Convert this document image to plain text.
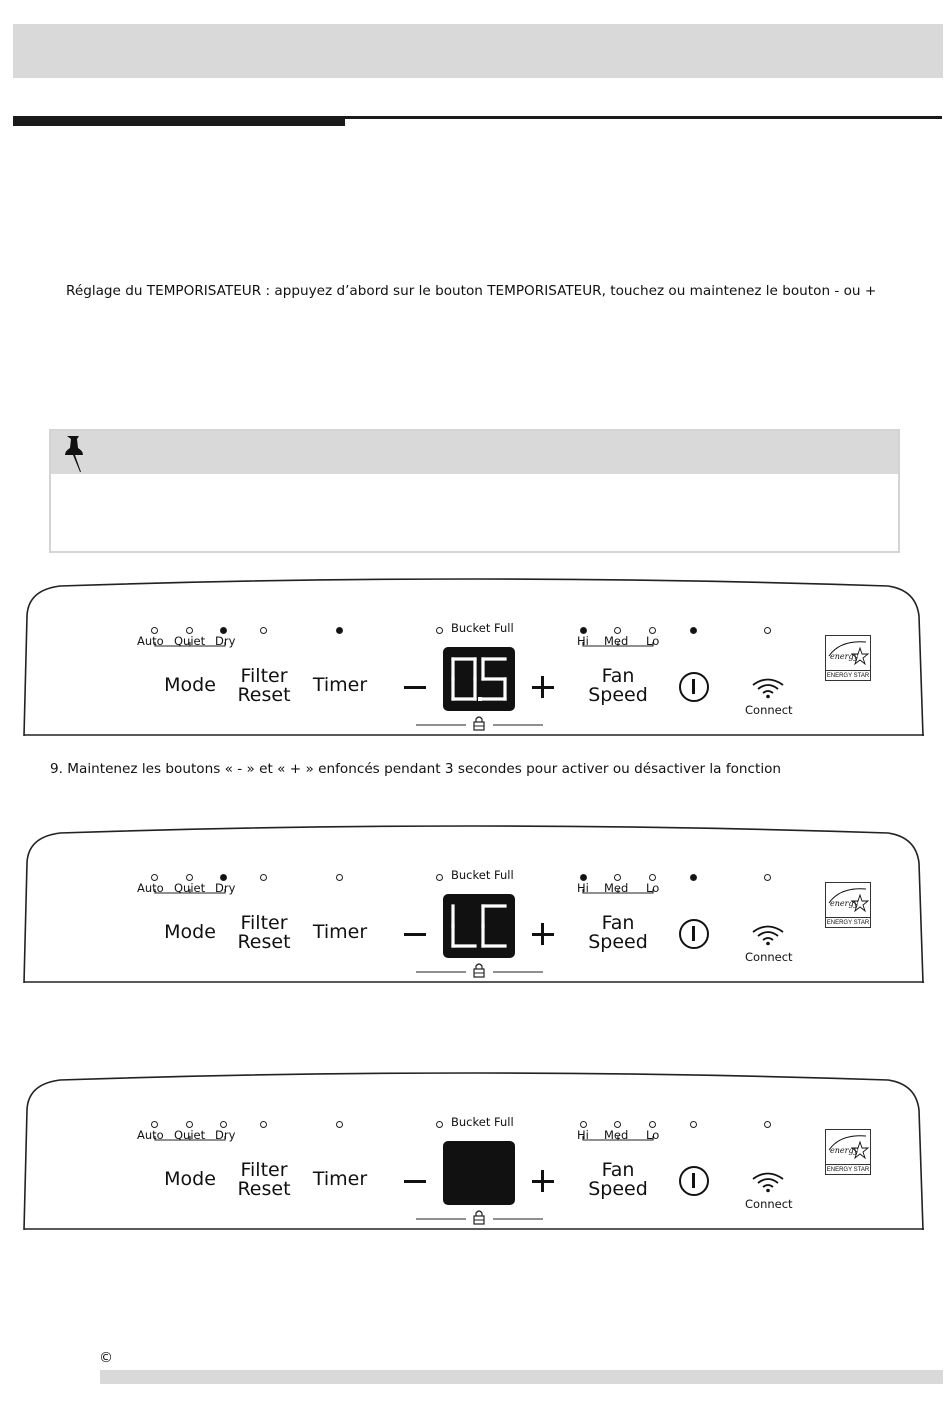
Réglage du TEMPORISATEUR : appuyez d’abord sur le bouton TEMPORISATEUR, touchez ou maintenez le bouton - ou +
Auto Quiet Dry
Bucket Full
Hi Med Lo
Mode	Filter
Reset Timer	Fan
Speed
Connect
energy
ENERGY STAR
Auto Quiet Dry
Bucket Full
Hi Med Lo
Mode	Filter
Reset Timer	Fan
Speed
Connect
energy
ENERGY STAR
Auto Quiet Dry
Bucket Full
Hi Med Lo
Mode	Filter
Reset Timer	Fan
Speed
Connect
energy
ENERGY STAR
9. Maintenez les boutons « - » et « + » enfoncés pendant 3 secondes pour activer ou désactiver la fonction
©
